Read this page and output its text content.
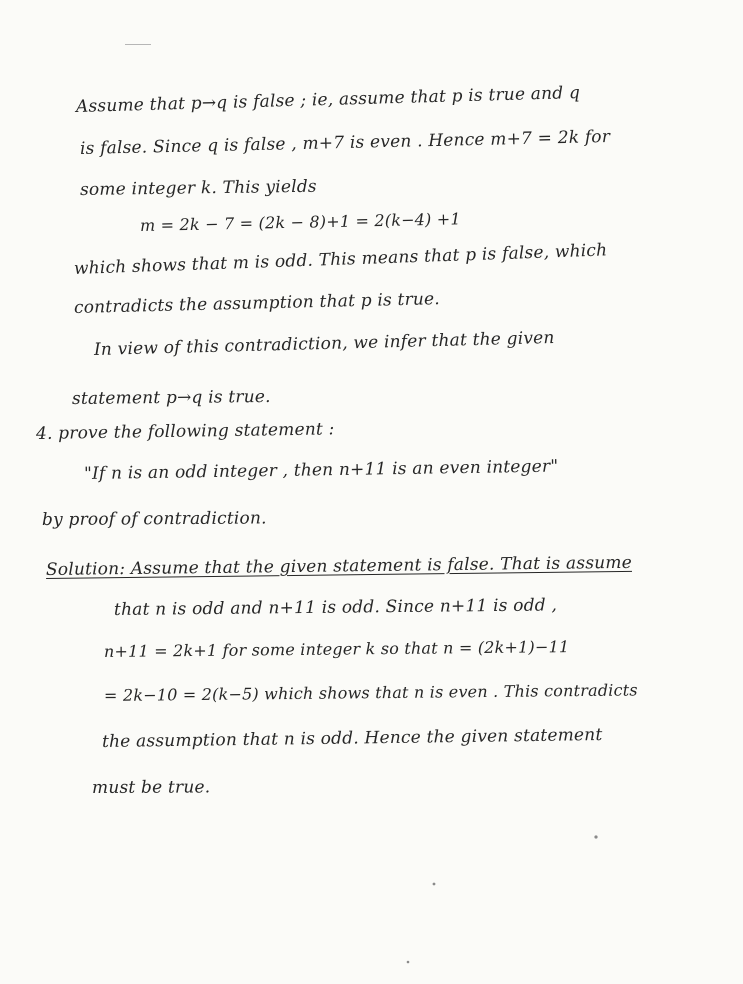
Assume that p→q is false ; ie, assume that p is true and q
is false. Since q is false , m+7 is even . Hence m+7 = 2k for
some integer k. This yields
m = 2k − 7 = (2k − 8)+1 = 2(k−4) +1
which shows that m is odd. This means that p is false, which
contradicts the assumption that p is true.
In view of this contradiction, we infer that the given
statement p→q is true.
4. prove the following statement :
"If n is an odd integer , then n+11 is an even integer"
by proof of contradiction.
Solution: Assume that the given statement is false. That is assume
that n is odd and n+11 is odd. Since n+11 is odd ,
n+11 = 2k+1 for some integer k so that n = (2k+1)−11
= 2k−10 = 2(k−5) which shows that n is even . This contradicts
the assumption that n is odd. Hence the given statement
must be true.
